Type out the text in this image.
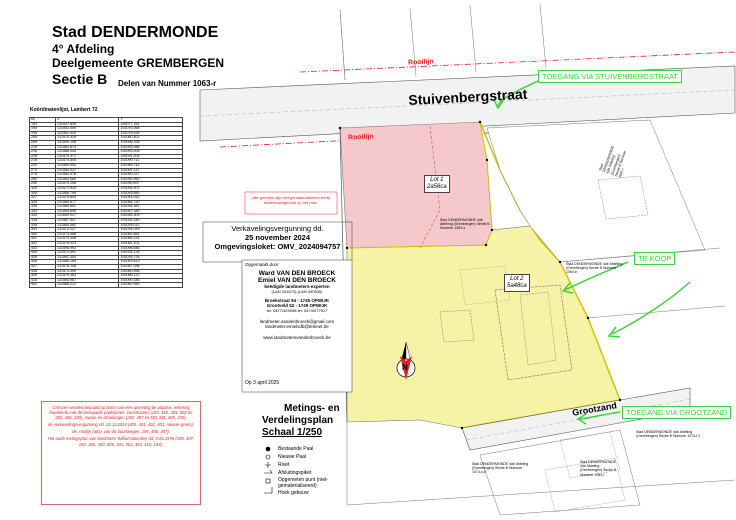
Stad DENDERMONDE
4° Afdeling
Deelgemeente GREMBERGEN
Sectie B Delen van Nummer 1063-r
Koördinatenlijst, Lambert 72
Nr	X	Y
193	131547.839	192077.161
194	131553.009	192076.068
195	131562.429	192076.026
205	131570.419	192060.402
209	131590.156	192095.335
215	131581.874	192092.086
216	131588.444	192093.208
218	131574.371	192091.205
219	131575.500	192090.711
220	131580.994	192089.742
273	131584.017	192091.137
278	131584.478	192090.227
282	131584.085	192092.950
290	131570.298	192090.597
325	131571.925	192094.307
326	131566.795	192093.850
327	131576.804	192044.052
329	131580.677	192084.720
330	131589.851	192094.381
332	131594.696	192047.283
333	131600.027	192046.309
334	131567.547	192034.349
335	131584.462	192029.012
341	131572.127	192034.039
400	131573.068	192060.562
401	131579.348	192066.124
402	131576.423	192061.101
403	131596.992	192098.546
404	131572.491	192034.129
405	131591.353	192039.726
406	131586.184	192053.613
407	131576.148	192067.296
408	131573.090	192060.558
409	131579.363	192066.122
410	131564.967	192090.185
502	131566.212	192062.983

Grenzen worden bepaald op basis van een opmeting ter plaatse, rekening houdende met de bestaande paalstenen, constructies (193, 410, 403, 502 en 282, 406, 330), muren en afsluitingen (282, 407 en 502,341, 405, 330).

de verkavelingsvergunning dd. 25.11.2024 (400, 401, 402, 403, nieuwe grens),

de. rooilijn (atlas van de buurtwegen, 195, 400, 407).

Het oude metingsplan van landmeter William Bombey dd. 9.06.1976 (195, 407, 282, 406, 330, 405, 341, 502, 403, 410, 193).

Alle grenzen zijn niet gematerialiseerd tenzij anders aangeduid op het plan.
Verkavelingsvergunning dd.
25 november 2024
Omgevingsloket: OMV_2024094757
Opgemaakt door
Ward VAN DEN BROECK
Emiel VAN DEN BROECK
beëdigde landmeters-experten
(LAN 161673) (LAN 040530)
Broekstraat 94 - 1745 OPWIJK
Grootveld 52 - 1745 OPWIJK
tel. 0477/429098 tel. 0474/077517
landmeter.vandenbroeck@gmail.com
landmeter.emielvdb@telenet.be
www.landmetersvandenbroeck.be
Op 3 april 2025
Metings- en
Verdelingsplan
Schaal 1/250
Bestaande Paal
Nieuwe Paal
Rivet
Afsluitingspiket
Opgemeten punt (niet-gematerialiseerd)
Hoek gebouw
Stuivenbergstraat
Rooilijn
Rooilijn
Grootzand
Lot 1
2a56ca
Lot 2
5a48ca
Stad DENDERMONDE 4de Afdeling (Grembergen) Sectie B Nummer 1063-s
Stad DENDERMONDE 4de Afdeling (Grembergen) Sectie B Nummer 1060-b
Stad DENDERMONDE 4de Afdeling (Grembergen) Sectie B Nummer 1067-r
Stad DENDERMONDE 4de Afdeling (Grembergen) Sectie B Nummer 1074-f 2
Stad DENDERMONDE 4de Afdeling (Grembergen) Sectie B Nummer 1074-s 5
Stad DENDERMONDE 4de Afdeling (Grembergen) Sectie B Nummer 1062-r
TOEGANG VIA STUIVENBERGSTRAAT
TE KOOP
TOEGANG VIA GROOTZAND
N
